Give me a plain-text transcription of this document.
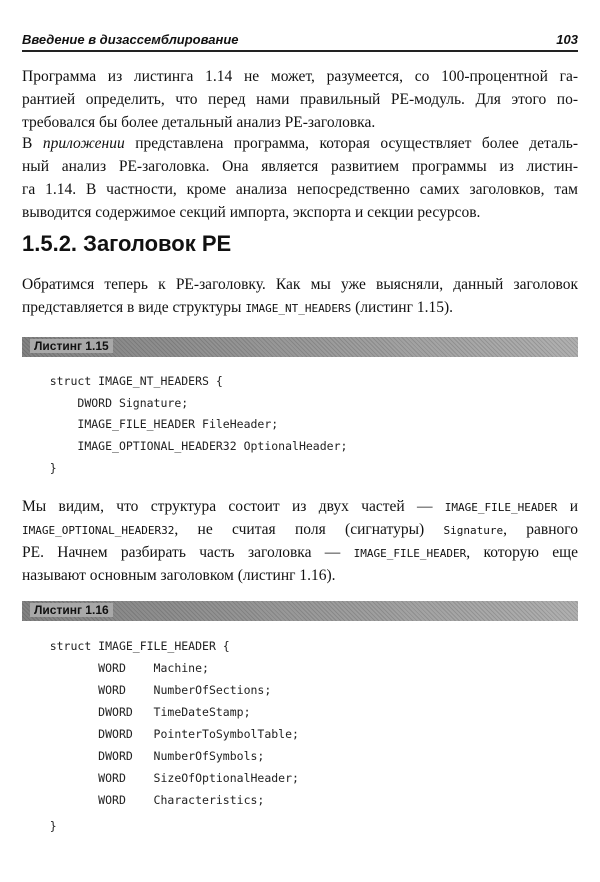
Введение в дизассемблирование	103
Программа из листинга 1.14 не может, разумеется, со 100-процентной га-
рантией определить, что перед нами правильный PE-модуль. Для этого по-
требовался бы более детальный анализ PE-заголовка.
В приложении представлена программа, которая осуществляет более деталь-
ный анализ PE-заголовка. Она является развитием программы из листин-
га 1.14. В частности, кроме анализа непосредственно самих заголовков, там
выводится содержимое секций импорта, экспорта и секции ресурсов.
1.5.2. Заголовок PE
Обратимся теперь к PE-заголовку. Как мы уже выясняли, данный заголовок
представляется в виде структуры IMAGE_NT_HEADERS (листинг 1.15).
Листинг 1.15

struct IMAGE_NT_HEADERS {

DWORD Signature;

IMAGE_FILE_HEADER FileHeader;

IMAGE_OPTIONAL_HEADER32 OptionalHeader;

}

Мы видим, что структура состоит из двух частей — IMAGE_FILE_HEADER и
IMAGE_OPTIONAL_HEADER32, не считая поля (сигнатуры) Signature, равного
PE. Начнем разбирать часть заголовка — IMAGE_FILE_HEADER, которую еще
называют основным заголовком (листинг 1.16).
Листинг 1.16

struct IMAGE_FILE_HEADER {

WORD    Machine;

WORD    NumberOfSections;

DWORD   TimeDateStamp;

DWORD   PointerToSymbolTable;

DWORD   NumberOfSymbols;

WORD    SizeOfOptionalHeader;

WORD    Characteristics;

}
